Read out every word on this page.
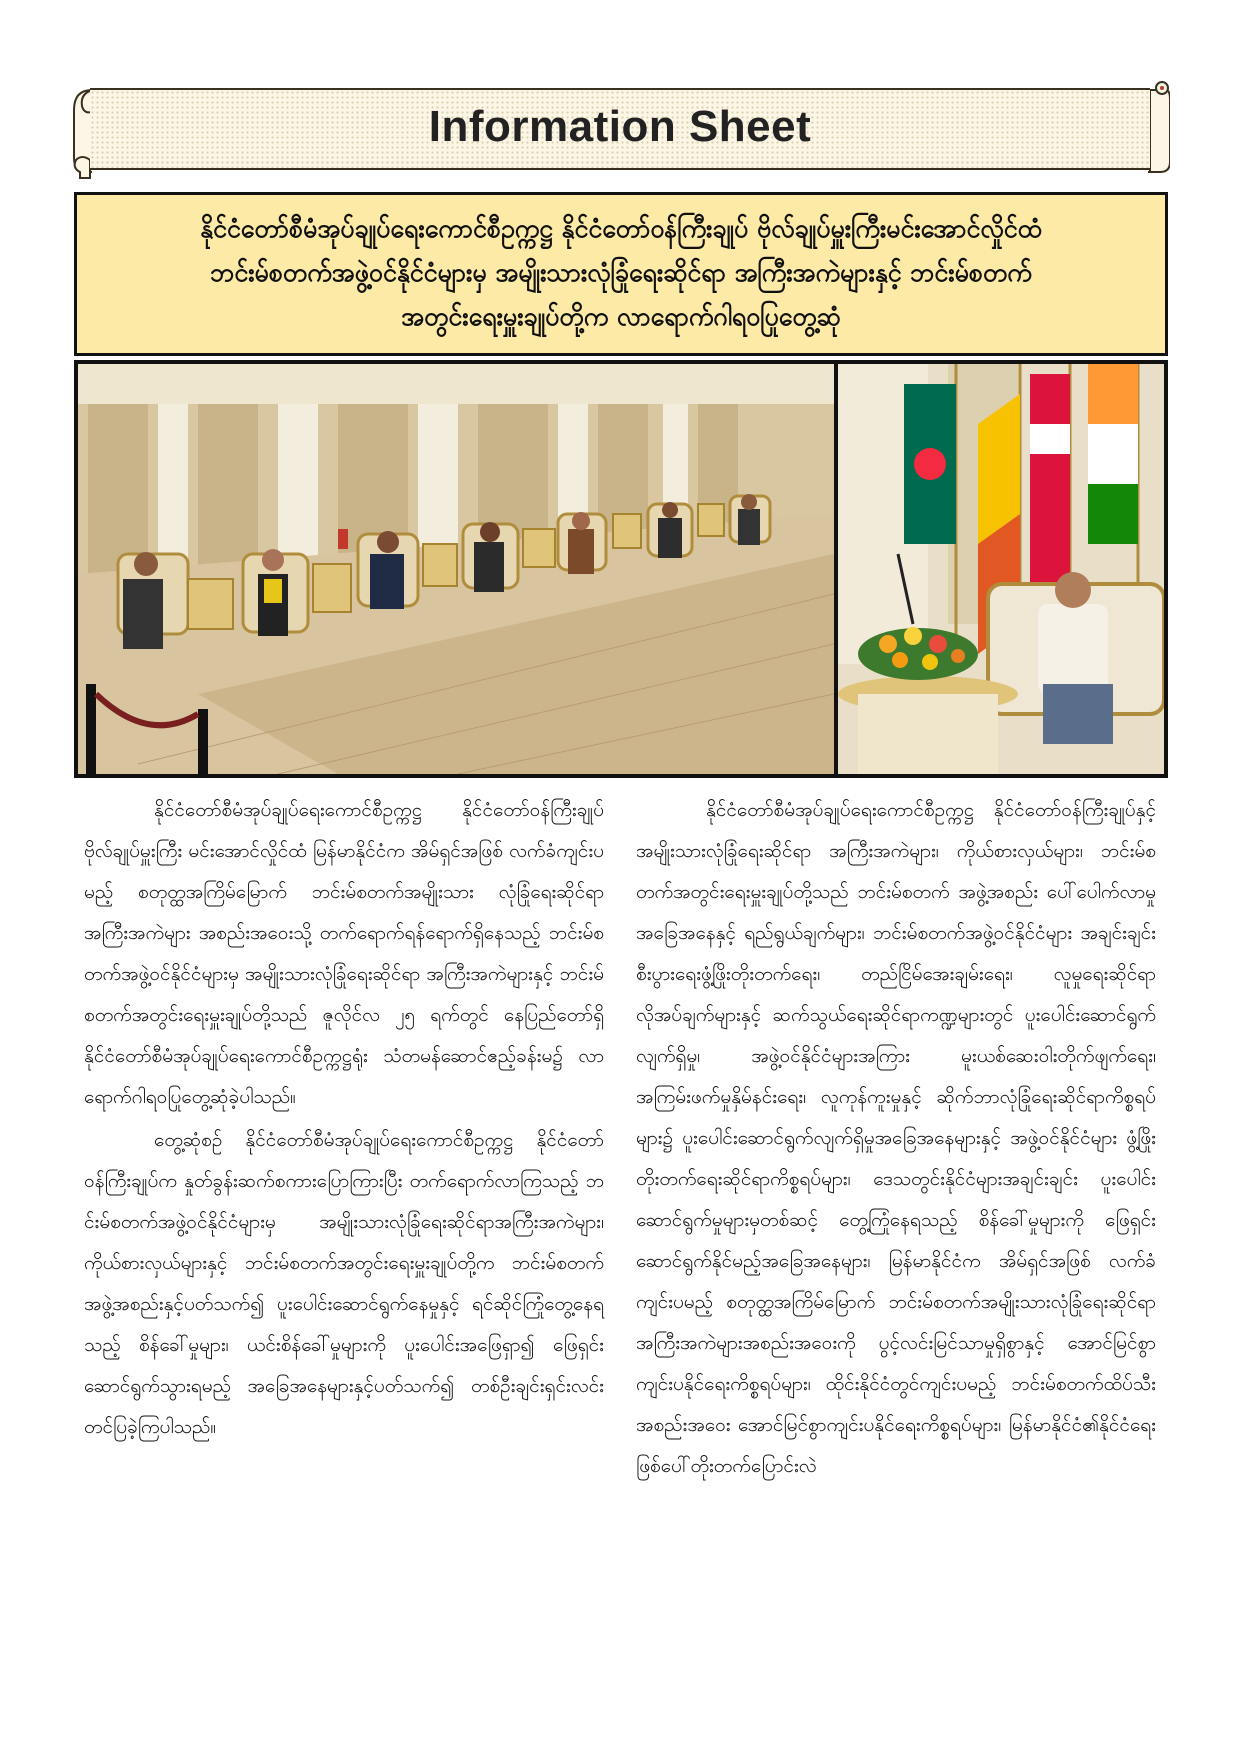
Information Sheet

နိုင်ငံတော်စီမံအုပ်ချုပ်ရေးကောင်စီဥက္ကဋ္ဌ နိုင်ငံတော်ဝန်ကြီးချုပ် ဗိုလ်ချုပ်မှူးကြီးမင်းအောင်လှိုင်ထံ

ဘင်းမ်စတက်အဖွဲ့ဝင်နိုင်ငံများမှ အမျိုးသားလုံခြုံရေးဆိုင်ရာ အကြီးအကဲများနှင့် ဘင်းမ်စတက်

အတွင်းရေးမှူးချုပ်တို့က လာရောက်ဂါရဝပြုတွေ့ဆုံ

နိုင်ငံတော်စီမံအုပ်ချုပ်ရေးကောင်စီဥက္ကဋ္ဌ နိုင်ငံတော်ဝန်ကြီးချုပ် ဗိုလ်ချုပ်မှူးကြီး မင်းအောင်လှိုင်ထံ မြန်မာနိုင်ငံက အိမ်ရှင်အဖြစ် လက်ခံကျင်းပမည့် စတုတ္ထအကြိမ်မြောက် ဘင်းမ်စတက်အမျိုးသား လုံခြုံရေးဆိုင်ရာအကြီးအကဲများ အစည်းအဝေးသို့ တက်ရောက်ရန်ရောက်ရှိနေသည့် ဘင်းမ်စတက်အဖွဲ့ဝင်နိုင်ငံများမှ အမျိုးသားလုံခြုံရေးဆိုင်ရာ အကြီးအကဲများနှင့် ဘင်းမ်စတက်အတွင်းရေးမှူးချုပ်တို့သည် ဇူလိုင်လ ၂၅ ရက်တွင် နေပြည်တော်ရှိ နိုင်ငံတော်စီမံအုပ်ချုပ်ရေးကောင်စီဥက္ကဋ္ဌရုံး သံတမန်ဆောင်ဧည့်ခန်းမ၌ လာရောက်ဂါရဝပြုတွေ့ဆုံခဲ့ပါသည်။

တွေ့ဆုံစဉ် နိုင်ငံတော်စီမံအုပ်ချုပ်ရေးကောင်စီဥက္ကဋ္ဌ နိုင်ငံတော်ဝန်ကြီးချုပ်က နှုတ်ခွန်းဆက်စကားပြောကြားပြီး တက်ရောက်လာကြသည့် ဘင်းမ်စတက်အဖွဲ့ဝင်နိုင်ငံများမှ အမျိုးသားလုံခြုံရေးဆိုင်ရာအကြီးအကဲများ၊ ကိုယ်စားလှယ်များနှင့် ဘင်းမ်စတက်အတွင်းရေးမှူးချုပ်တို့က ဘင်းမ်စတက်အဖွဲ့အစည်းနှင့်ပတ်သက်၍ ပူးပေါင်းဆောင်ရွက်နေမှုနှင့် ရင်ဆိုင်ကြုံတွေ့နေရသည့် စိန်ခေါ်မှုများ၊ ယင်းစိန်ခေါ်မှုများကို ပူးပေါင်းအဖြေရှာ၍ ဖြေရှင်းဆောင်ရွက်သွားရမည့် အခြေအနေများနှင့်ပတ်သက်၍ တစ်ဦးချင်းရှင်းလင်းတင်ပြခဲ့ကြပါသည်။

နိုင်ငံတော်စီမံအုပ်ချုပ်ရေးကောင်စီဥက္ကဋ္ဌ နိုင်ငံတော်ဝန်ကြီးချုပ်နှင့် အမျိုးသားလုံခြုံရေးဆိုင်ရာ အကြီးအကဲများ၊ ကိုယ်စားလှယ်များ၊ ဘင်းမ်စတက်အတွင်းရေးမှူးချုပ်တို့သည် ဘင်းမ်စတက် အဖွဲ့အစည်း ပေါ်ပေါက်လာမှုအခြေအနေနှင့် ရည်ရွယ်ချက်များ၊ ဘင်းမ်စတက်အဖွဲ့ဝင်နိုင်ငံများ အချင်းချင်း စီးပွားရေးဖွံ့ဖြိုးတိုးတက်ရေး၊ တည်ငြိမ်အေးချမ်းရေး၊ လူမှုရေးဆိုင်ရာလိုအပ်ချက်များနှင့် ဆက်သွယ်ရေးဆိုင်ရာကဏ္ဍများတွင် ပူးပေါင်းဆောင်ရွက်လျက်ရှိမှု၊ အဖွဲ့ဝင်နိုင်ငံများအကြား မူးယစ်ဆေးဝါးတိုက်ဖျက်ရေး၊ အကြမ်းဖက်မှုနှိမ်နင်းရေး၊ လူကုန်ကူးမှုနှင့် ဆိုက်ဘာလုံခြုံရေးဆိုင်ရာကိစ္စရပ်များ၌ ပူးပေါင်းဆောင်ရွက်လျက်ရှိမှုအခြေအနေများနှင့် အဖွဲ့ဝင်နိုင်ငံများ ဖွံ့ဖြိုးတိုးတက်ရေးဆိုင်ရာကိစ္စရပ်များ၊ ဒေသတွင်းနိုင်ငံများအချင်းချင်း ပူးပေါင်းဆောင်ရွက်မှုများမှတစ်ဆင့် တွေ့ကြုံနေရသည့် စိန်ခေါ်မှုများကို ဖြေရှင်းဆောင်ရွက်နိုင်မည့်အခြေအနေများ၊ မြန်မာနိုင်ငံက အိမ်ရှင်အဖြစ် လက်ခံကျင်းပမည့် စတုတ္ထအကြိမ်မြောက် ဘင်းမ်စတက်အမျိုးသားလုံခြုံရေးဆိုင်ရာ အကြီးအကဲများအစည်းအဝေးကို ပွင့်လင်းမြင်သာမှုရှိစွာနှင့် အောင်မြင်စွာကျင်းပနိုင်ရေးကိစ္စရပ်များ၊ ထိုင်းနိုင်ငံတွင်ကျင်းပမည့် ဘင်းမ်စတက်ထိပ်သီးအစည်းအဝေး အောင်မြင်စွာကျင်းပနိုင်ရေးကိစ္စရပ်များ၊ မြန်မာနိုင်ငံ၏နိုင်ငံရေးဖြစ်ပေါ်တိုးတက်ပြောင်းလဲ
